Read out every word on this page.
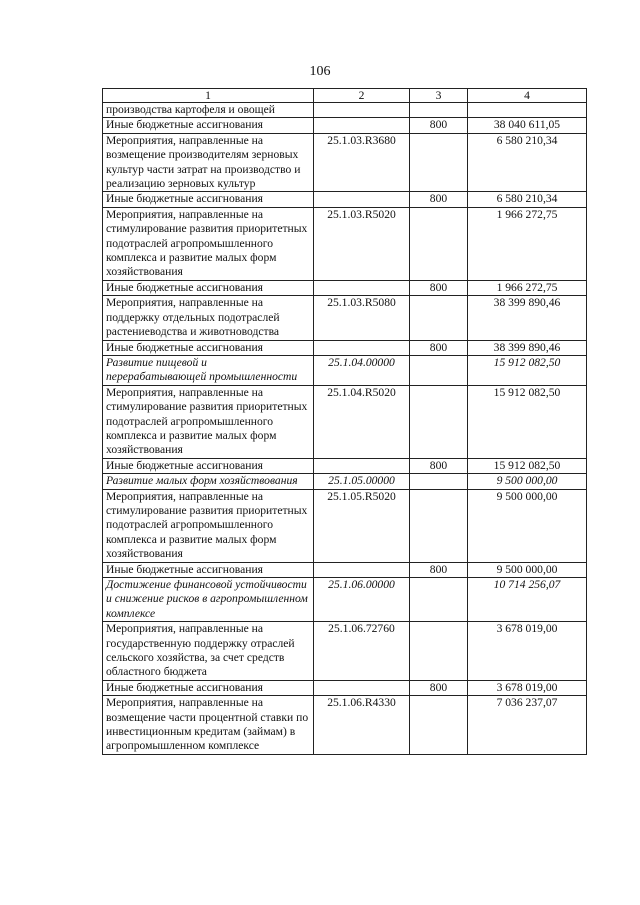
106
1	2	3	4
производства картофеля и овощей			
Иные бюджетные ассигнования		800	38 040 611,05
Мероприятия, направленные на возмещение производителям зерновых культур части затрат на производство и реализацию зерновых культур	25.1.03.R3680		6 580 210,34
Иные бюджетные ассигнования		800	6 580 210,34
Мероприятия, направленные на стимулирование развития приоритетных подотраслей агропромышленного комплекса и развитие малых форм хозяйствования	25.1.03.R5020		1 966 272,75
Иные бюджетные ассигнования		800	1 966 272,75
Мероприятия, направленные на поддержку отдельных подотраслей растениеводства и животноводства	25.1.03.R5080		38 399 890,46
Иные бюджетные ассигнования		800	38 399 890,46
Развитие пищевой и перерабатывающей промышленности	25.1.04.00000		15 912 082,50
Мероприятия, направленные на стимулирование развития приоритетных подотраслей агропромышленного комплекса и развитие малых форм хозяйствования	25.1.04.R5020		15 912 082,50
Иные бюджетные ассигнования		800	15 912 082,50
Развитие малых форм хозяйствования	25.1.05.00000		9 500 000,00
Мероприятия, направленные на стимулирование развития приоритетных подотраслей агропромышленного комплекса и развитие малых форм хозяйствования	25.1.05.R5020		9 500 000,00
Иные бюджетные ассигнования		800	9 500 000,00
Достижение финансовой устойчивости и снижение рисков в агропромышленном комплексе	25.1.06.00000		10 714 256,07
Мероприятия, направленные на государственную поддержку отраслей сельского хозяйства, за счет средств областного бюджета	25.1.06.72760		3 678 019,00
Иные бюджетные ассигнования		800	3 678 019,00
Мероприятия, направленные на возмещение части процентной ставки по инвестиционным кредитам (займам) в агропромышленном комплексе	25.1.06.R4330		7 036 237,07
